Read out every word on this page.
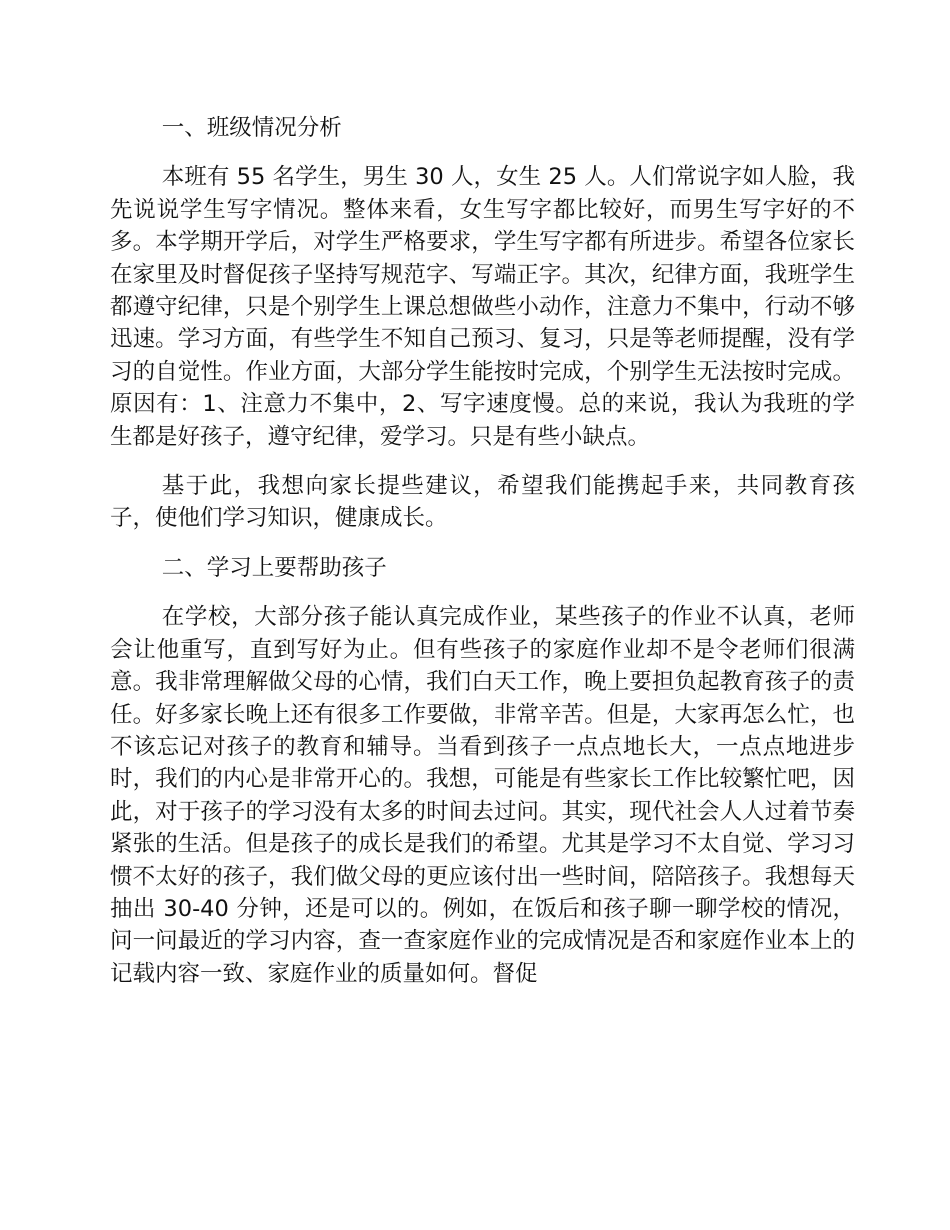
一、班级情况分析

本班有 55 名学生，男生 30 人，女生 25 人。人们常说字如人脸，我先说说学生写字情况。整体来看，女生写字都比较好，而男生写字好的不多。本学期开学后，对学生严格要求，学生写字都有所进步。希望各位家长在家里及时督促孩子坚持写规范字、写端正字。其次，纪律方面，我班学生都遵守纪律，只是个别学生上课总想做些小动作，注意力不集中，行动不够迅速。学习方面，有些学生不知自己预习、复习，只是等老师提醒，没有学习的自觉性。作业方面，大部分学生能按时完成，个别学生无法按时完成。原因有：1、注意力不集中，2、写字速度慢。总的来说，我认为我班的学生都是好孩子，遵守纪律，爱学习。只是有些小缺点。

基于此，我想向家长提些建议，希望我们能携起手来，共同教育孩子，使他们学习知识，健康成长。

二、学习上要帮助孩子

在学校，大部分孩子能认真完成作业，某些孩子的作业不认真，老师会让他重写，直到写好为止。但有些孩子的家庭作业却不是令老师们很满意。我非常理解做父母的心情，我们白天工作，晚上要担负起教育孩子的责任。好多家长晚上还有很多工作要做，非常辛苦。但是，大家再怎么忙，也不该忘记对孩子的教育和辅导。当看到孩子一点点地长大，一点点地进步时，我们的内心是非常开心的。我想，可能是有些家长工作比较繁忙吧，因此，对于孩子的学习没有太多的时间去过问。其实，现代社会人人过着节奏紧张的生活。但是孩子的成长是我们的希望。尤其是学习不太自觉、学习习惯不太好的孩子，我们做父母的更应该付出一些时间，陪陪孩子。我想每天抽出 30-40 分钟，还是可以的。例如，在饭后和孩子聊一聊学校的情况，问一问最近的学习内容，查一查家庭作业的完成情况是否和家庭作业本上的记载内容一致、家庭作业的质量如何。督促
